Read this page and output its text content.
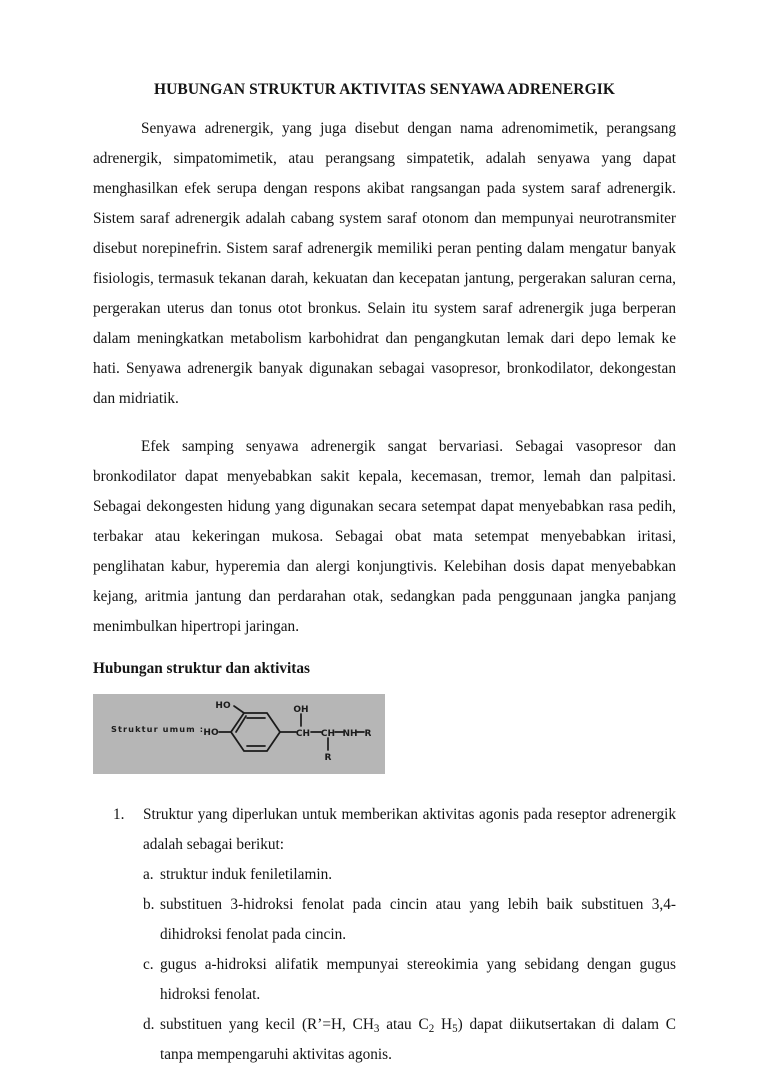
HUBUNGAN STRUKTUR AKTIVITAS SENYAWA ADRENERGIK

Senyawa adrenergik, yang juga disebut dengan nama adrenomimetik, perangsang adrenergik, simpatomimetik, atau perangsang simpatetik, adalah senyawa yang dapat menghasilkan efek serupa dengan respons akibat rangsangan pada system saraf adrenergik. Sistem saraf adrenergik adalah cabang system saraf otonom dan mempunyai neurotransmiter disebut norepinefrin. Sistem saraf adrenergik memiliki peran penting dalam mengatur banyak fisiologis, termasuk tekanan darah, kekuatan dan kecepatan jantung, pergerakan saluran cerna, pergerakan uterus dan tonus otot bronkus. Selain itu system saraf adrenergik juga berperan dalam meningkatkan metabolism karbohidrat dan pengangkutan lemak dari depo lemak ke hati. Senyawa adrenergik banyak digunakan sebagai vasopresor, bronkodilator, dekongestan dan midriatik.

Efek samping senyawa adrenergik sangat bervariasi. Sebagai vasopresor dan bronkodilator dapat menyebabkan sakit kepala, kecemasan, tremor, lemah dan palpitasi. Sebagai dekongesten hidung yang digunakan secara setempat dapat menyebabkan rasa pedih, terbakar atau kekeringan mukosa. Sebagai obat mata setempat menyebabkan iritasi, penglihatan kabur, hyperemia dan alergi konjungtivis. Kelebihan dosis dapat menyebabkan kejang, aritmia jantung dan perdarahan otak, sedangkan pada penggunaan jangka panjang menimbulkan hipertropi jaringan.

Hubungan struktur dan aktivitas
Struktur umum :
HO
HO
OH
CH CH NH R
R
1.	Struktur yang diperlukan untuk memberikan aktivitas agonis pada reseptor adrenergik adalah sebagai berikut:
a. struktur induk feniletilamin.
b. substituen 3-hidroksi fenolat pada cincin atau yang lebih baik substituen 3,4-dihidroksi fenolat pada cincin.
c. gugus a-hidroksi alifatik mempunyai stereokimia yang sebidang dengan gugus hidroksi fenolat.
d. substituen yang kecil (R’=H, $CH_3$ atau $C_2$ $H_5$) dapat diikutsertakan di dalam C tanpa mempengaruhi aktivitas agonis.
